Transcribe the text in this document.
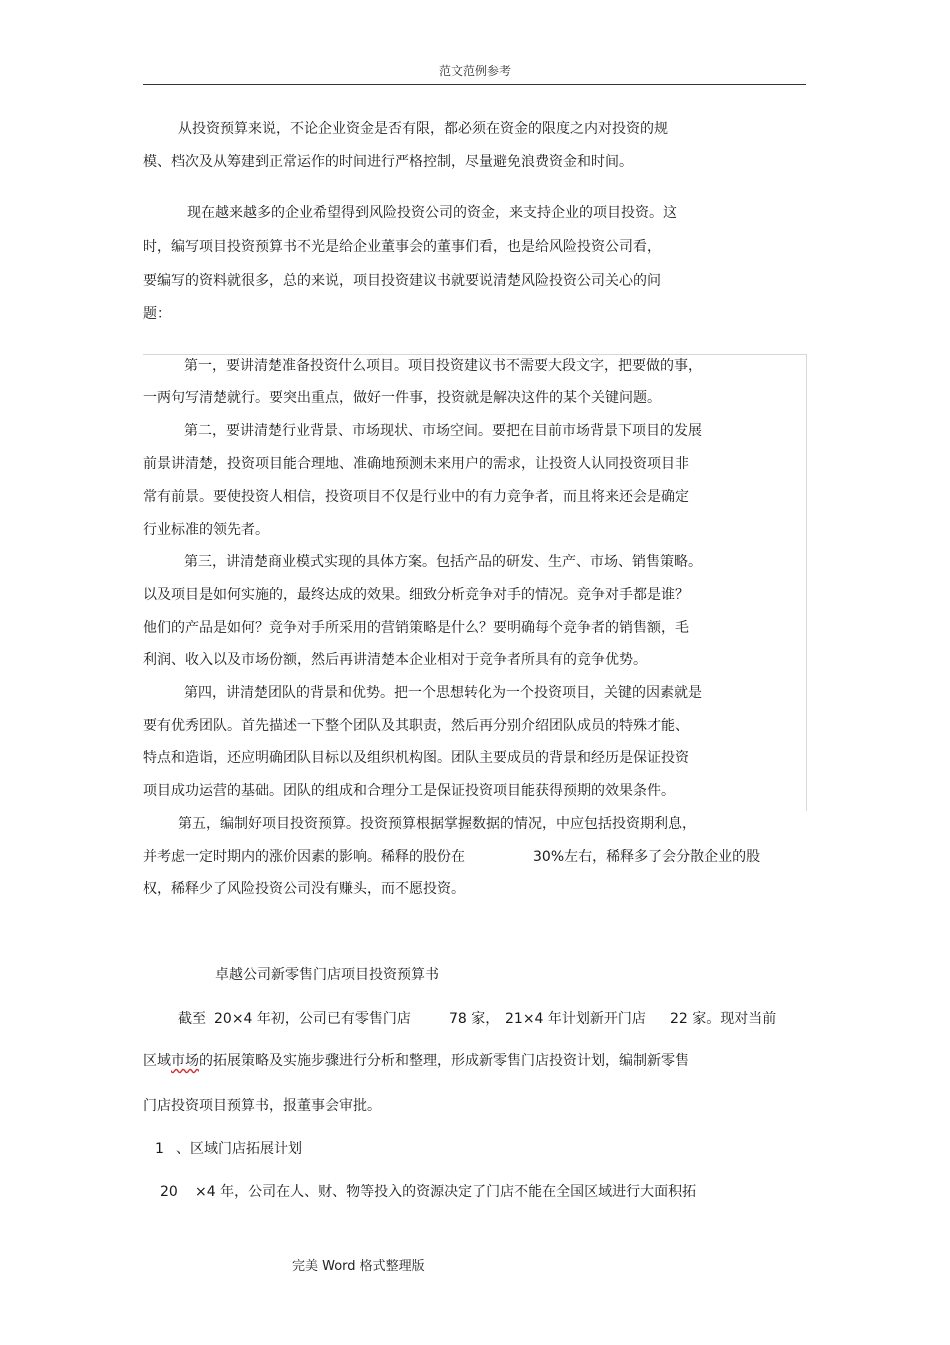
范文范例参考
从投资预算来说，不论企业资金是否有限，都必须在资金的限度之内对投资的规
模、档次及从筹建到正常运作的时间进行严格控制，尽量避免浪费资金和时间。
现在越来越多的企业希望得到风险投资公司的资金，来支持企业的项目投资。这
时，编写项目投资预算书不光是给企业董事会的董事们看，也是给风险投资公司看，
要编写的资料就很多，总的来说，项目投资建议书就要说清楚风险投资公司关心的问
题：
第一，要讲清楚准备投资什么项目。项目投资建议书不需要大段文字，把要做的事，
一两句写清楚就行。要突出重点，做好一件事，投资就是解决这件的某个关键问题。
第二，要讲清楚行业背景、市场现状、市场空间。要把在目前市场背景下项目的发展
前景讲清楚，投资项目能合理地、准确地预测未来用户的需求，让投资人认同投资项目非
常有前景。要使投资人相信，投资项目不仅是行业中的有力竞争者，而且将来还会是确定
行业标准的领先者。
第三，讲清楚商业模式实现的具体方案。包括产品的研发、生产、市场、销售策略。
以及项目是如何实施的，最终达成的效果。细致分析竞争对手的情况。竞争对手都是谁？
他们的产品是如何？竞争对手所采用的营销策略是什么？要明确每个竞争者的销售额，毛
利润、收入以及市场份额，然后再讲清楚本企业相对于竞争者所具有的竞争优势。
第四，讲清楚团队的背景和优势。把一个思想转化为一个投资项目，关键的因素就是
要有优秀团队。首先描述一下整个团队及其职责，然后再分别介绍团队成员的特殊才能、
特点和造诣，还应明确团队目标以及组织机构图。团队主要成员的背景和经历是保证投资
项目成功运营的基础。团队的组成和合理分工是保证投资项目能获得预期的效果条件。
第五，编制好项目投资预算。投资预算根据掌握数据的情况，中应包括投资期利息，
并考虑一定时期内的涨价因素的影响。稀释的股份在	30%左右，稀释多了会分散企业的股
权，稀释少了风险投资公司没有赚头，而不愿投资。
卓越公司新零售门店项目投资预算书
截至 20×4 年初，公司已有零售门店	78 家， 21×4 年计划新开门店 22 家。现对当前
区域市场的拓展策略及实施步骤进行分析和整理，形成新零售门店投资计划，编制新零售
门店投资项目预算书，报董事会审批。
1 、区域门店拓展计划
20 ×4 年，公司在人、财、物等投入的资源决定了门店不能在全国区域进行大面积拓
完美 Word 格式整理版
